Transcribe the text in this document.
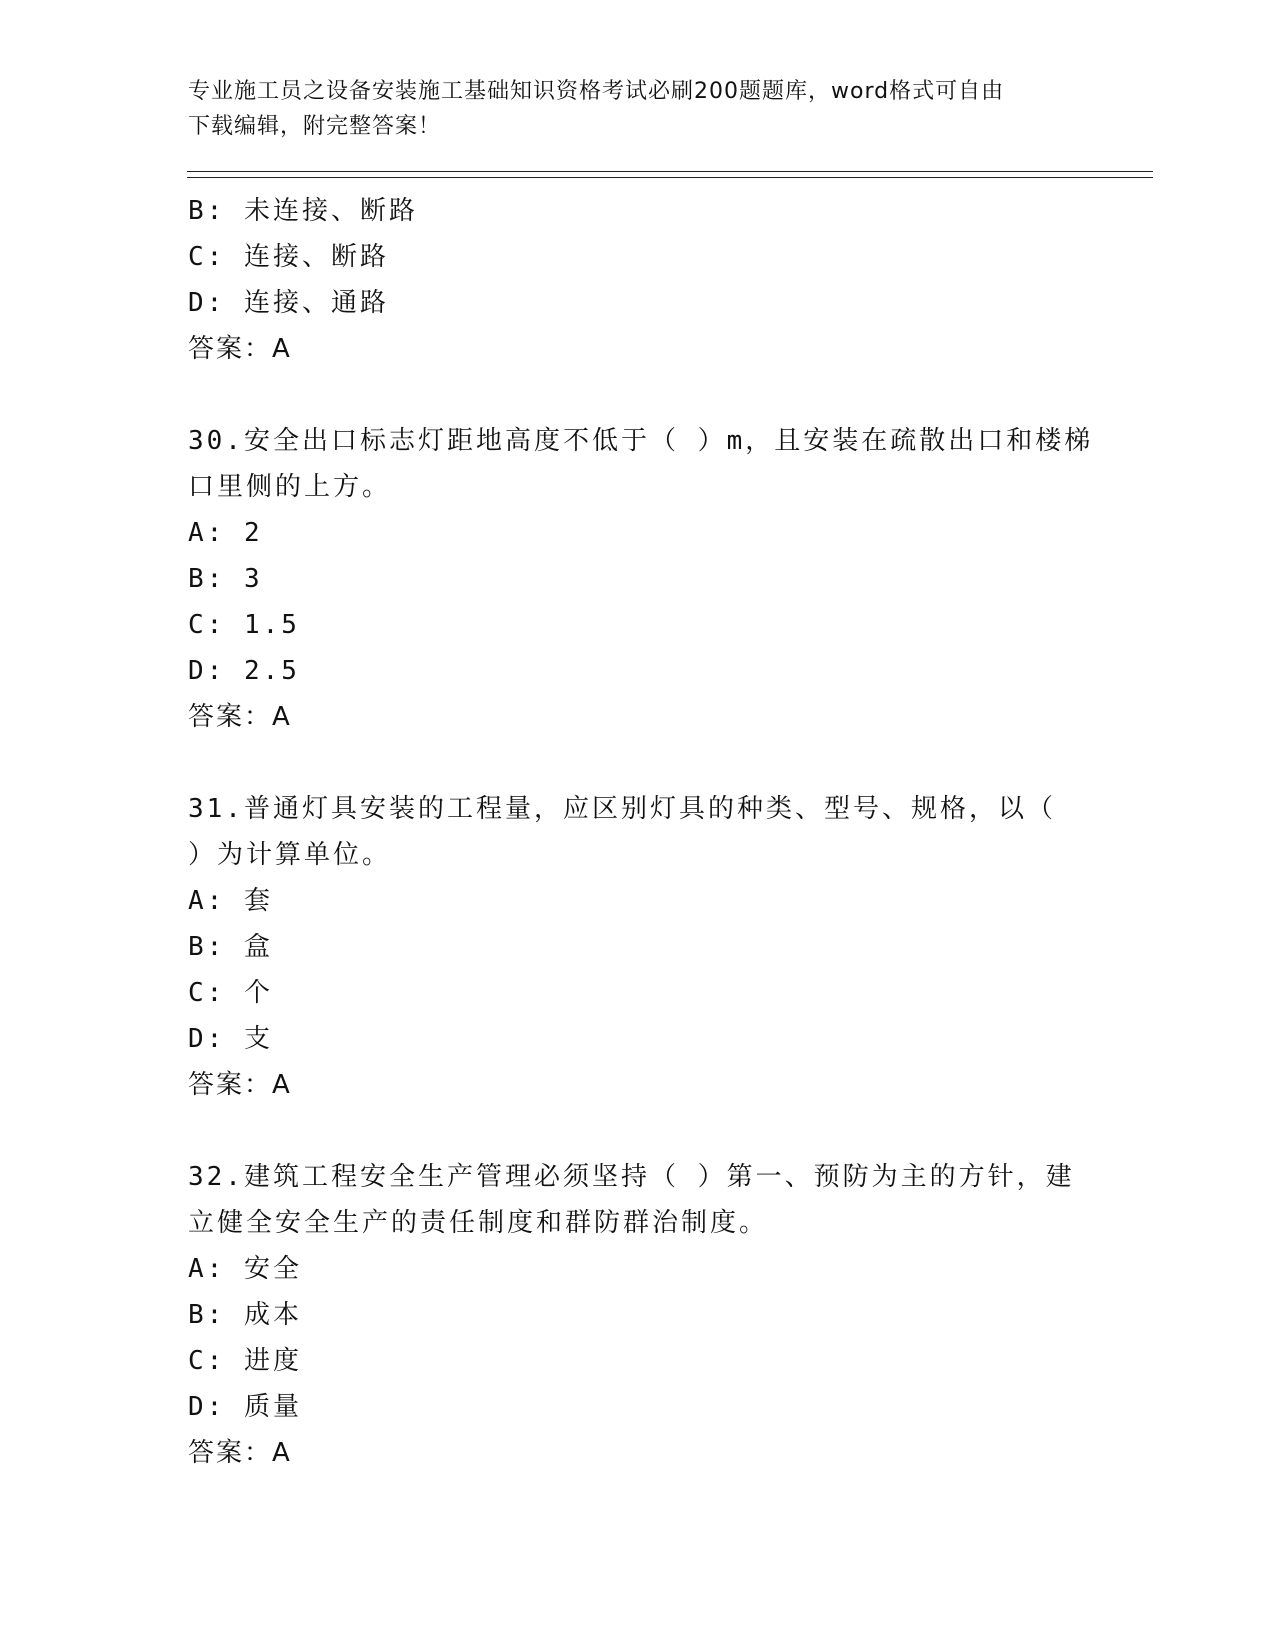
专业施工员之设备安装施工基础知识资格考试必刷200题题库，word格式可自由
下载编辑，附完整答案！
B: 未连接、断路
C: 连接、断路
D: 连接、通路
答案：A
30.安全出口标志灯距地高度不低于（ ）m，且安装在疏散出口和楼梯
口里侧的上方。
A: 2
B: 3
C: 1.5
D: 2.5
答案：A
31.普通灯具安装的工程量，应区别灯具的种类、型号、规格，以（
）为计算单位。
A: 套
B: 盒
C: 个
D: 支
答案：A
32.建筑工程安全生产管理必须坚持（ ）第一、预防为主的方针，建
立健全安全生产的责任制度和群防群治制度。
A: 安全
B: 成本
C: 进度
D: 质量
答案：A
